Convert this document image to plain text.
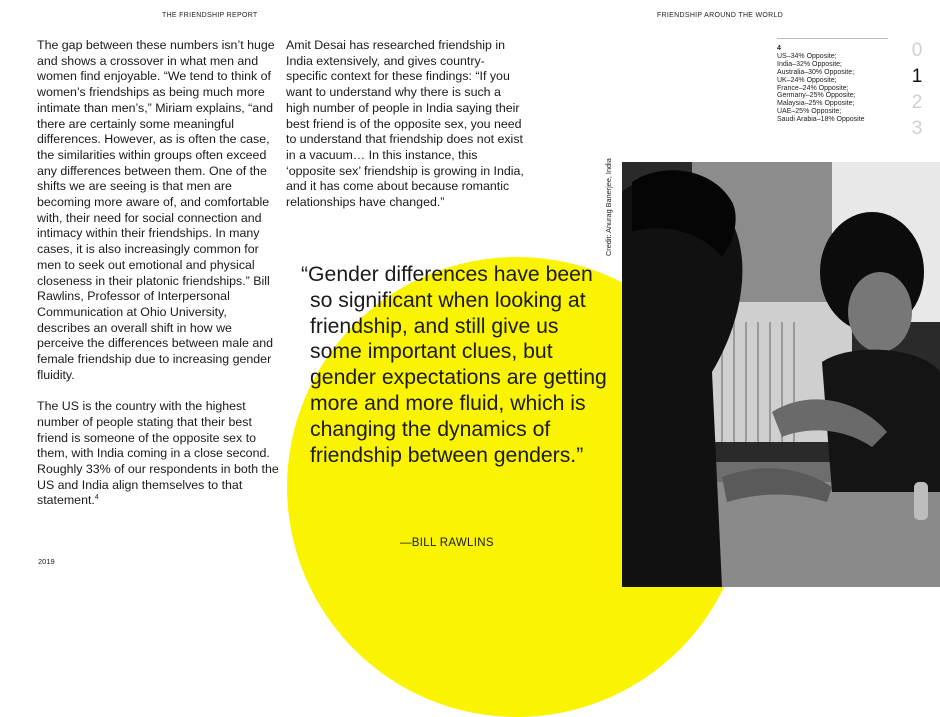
THE FRIENDSHIP REPORT	FRIENDSHIP AROUND THE WORLD

The gap between these numbers isn’t huge and shows a crossover in what men and women find enjoyable. “We tend to think of women’s friendships as being much more intimate than men’s,” Miriam explains, “and there are certainly some meaningful differences. However, as is often the case, the similarities within groups often exceed any differences between them. One of the shifts we are seeing is that men are becoming more aware of, and comfortable with, their need for social connection and intimacy within their friendships. In many cases, it is also increasingly common for men to seek out emotional and physical closeness in their platonic friendships.” Bill Rawlins, Professor of Interpersonal Communication at Ohio University, describes an overall shift in how we perceive the differences between male and female friendship due to increasing gender fluidity.

The US is the country with the highest number of people stating that their best friend is someone of the opposite sex to them, with India coming in a close second. Roughly 33% of our respondents in both the US and India align themselves to that statement.$^4$

Amit Desai has researched friendship in India extensively, and gives country-specific context for these findings: “If you want to understand why there is such a high number of people in India saying their best friend is of the opposite sex, you need to understand that friendship does not exist in a vacuum… In this instance, this ‘opposite sex’ friendship is growing in India, and it has come about because romantic relationships have changed.”

“Gender differences have been so significant when looking at friendship, and still give us some important clues, but gender expectations are getting more and more fluid, which is changing the dynamics of friendship between genders.”

—BILL RAWLINS
Credit: Anurag Banerjee, India
4
US–34% Opposite;
India–32% Opposite;
Australia–30% Opposite;
UK–24% Opposite;
France–24% Opposite;
Germany–25% Opposite;
Malaysia–25% Opposite;
UAE–25% Opposite;
Saudi Arabia–18% Opposite
0
1
2
3
2019
